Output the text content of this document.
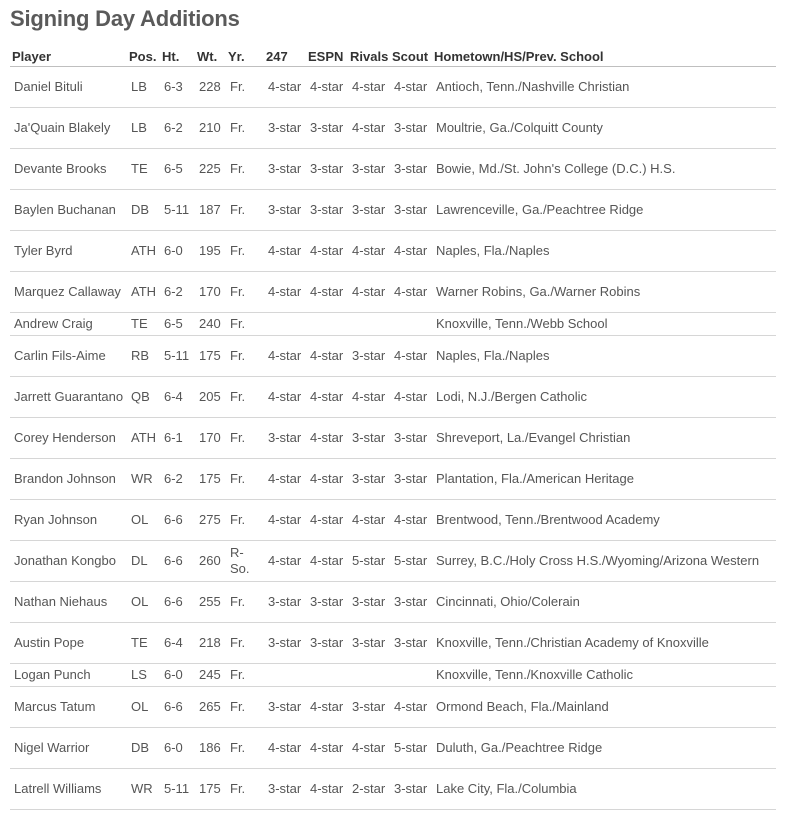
Signing Day Additions
Player	Pos.	Ht.	Wt.	Yr.	247	ESPN	Rivals	Scout	Hometown/HS/Prev. School
Daniel Bituli	LB	6-3	228	Fr.	4-star	4-star	4-star	4-star	Antioch, Tenn./Nashville Christian
Ja'Quain Blakely	LB	6-2	210	Fr.	3-star	3-star	4-star	3-star	Moultrie, Ga./Colquitt County
Devante Brooks	TE	6-5	225	Fr.	3-star	3-star	3-star	3-star	Bowie, Md./St. John's College (D.C.) H.S.
Baylen Buchanan	DB	5-11	187	Fr.	3-star	3-star	3-star	3-star	Lawrenceville, Ga./Peachtree Ridge
Tyler Byrd	ATH	6-0	195	Fr.	4-star	4-star	4-star	4-star	Naples, Fla./Naples
Marquez Callaway	ATH	6-2	170	Fr.	4-star	4-star	4-star	4-star	Warner Robins, Ga./Warner Robins
Andrew Craig	TE	6-5	240	Fr.					Knoxville, Tenn./Webb School
Carlin Fils-Aime	RB	5-11	175	Fr.	4-star	4-star	3-star	4-star	Naples, Fla./Naples
Jarrett Guarantano	QB	6-4	205	Fr.	4-star	4-star	4-star	4-star	Lodi, N.J./Bergen Catholic
Corey Henderson	ATH	6-1	170	Fr.	3-star	4-star	3-star	3-star	Shreveport, La./Evangel Christian
Brandon Johnson	WR	6-2	175	Fr.	4-star	4-star	3-star	3-star	Plantation, Fla./American Heritage
Ryan Johnson	OL	6-6	275	Fr.	4-star	4-star	4-star	4-star	Brentwood, Tenn./Brentwood Academy
Jonathan Kongbo	DL	6-6	260	R-So.	4-star	4-star	5-star	5-star	Surrey, B.C./Holy Cross H.S./Wyoming/Arizona Western
Nathan Niehaus	OL	6-6	255	Fr.	3-star	3-star	3-star	3-star	Cincinnati, Ohio/Colerain
Austin Pope	TE	6-4	218	Fr.	3-star	3-star	3-star	3-star	Knoxville, Tenn./Christian Academy of Knoxville
Logan Punch	LS	6-0	245	Fr.					Knoxville, Tenn./Knoxville Catholic
Marcus Tatum	OL	6-6	265	Fr.	3-star	4-star	3-star	4-star	Ormond Beach, Fla./Mainland
Nigel Warrior	DB	6-0	186	Fr.	4-star	4-star	4-star	5-star	Duluth, Ga./Peachtree Ridge
Latrell Williams	WR	5-11	175	Fr.	3-star	4-star	2-star	3-star	Lake City, Fla./Columbia
